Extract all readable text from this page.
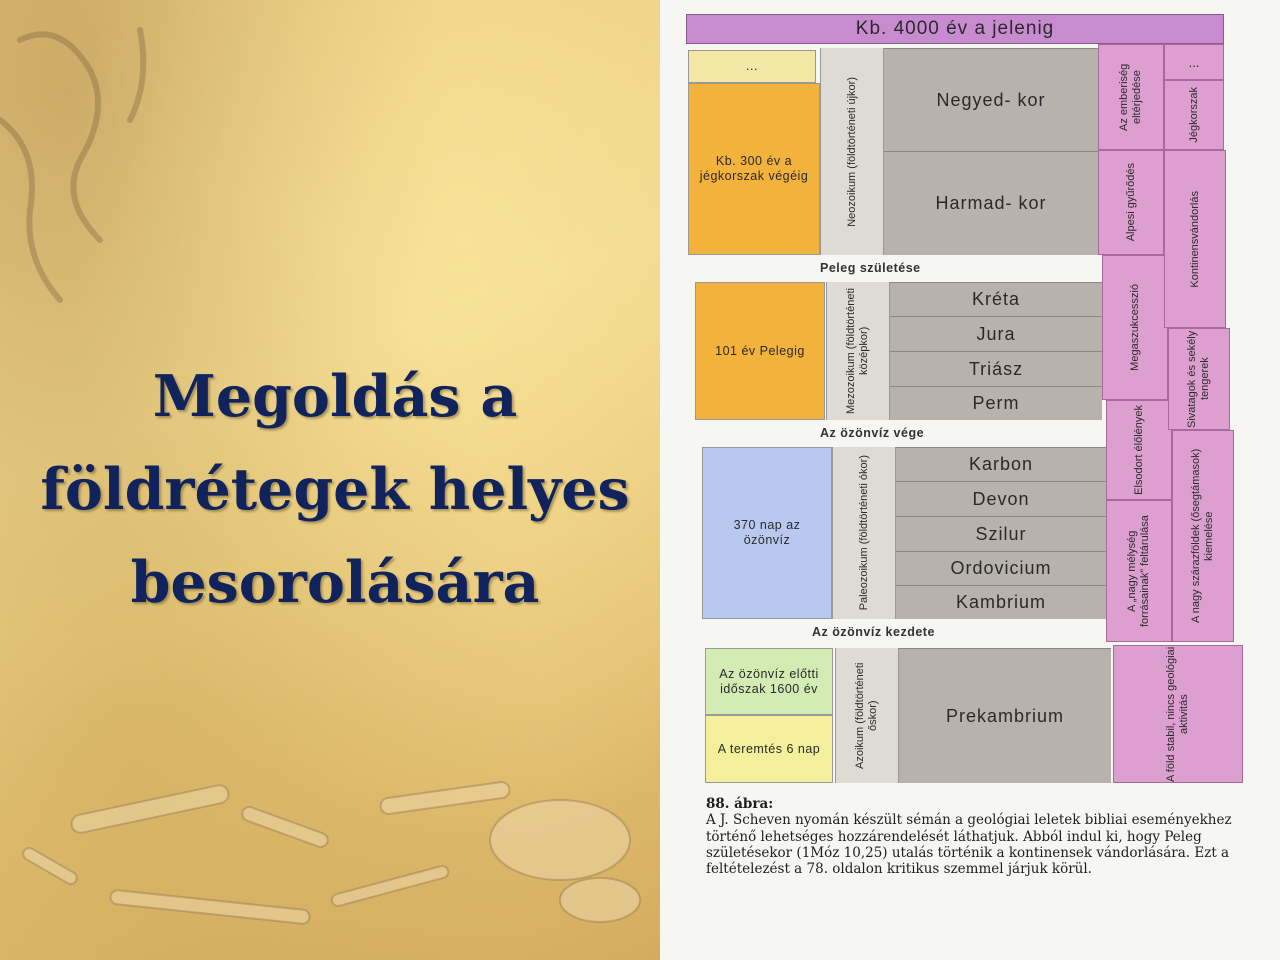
Megoldás a
földrétegek helyes
besorolására
Kb. 4000 év a jelenig
...
Kb. 300 év a jégkorszak végéig
101 év Pelegig
370 nap az özönvíz
Az özönvíz előtti időszak 1600 év
A teremtés 6 nap
Neozoikum (földtörténeti újkor)
Mezozoikum (földtörténeti középkor)
Paleozoikum (földtörténeti ókor)
Azoikum (földtörténeti őskor)
Negyed- kor
Harmad- kor
Kréta
Jura
Triász
Perm
Karbon
Devon
Szilur
Ordovicium
Kambrium
Prekambrium
Peleg születése
Az özönvíz vége
Az özönvíz kezdete
Az emberiség eltérjedése
Alpesi gyűrődés
Megaszukcesszió
Elsodort élőlények
A „nagy mélység forrásainak” feltárulása
...
Jégkorszak
Kontinensvándorlás
Sivatagok és sekély tengerek
A nagy szárazföldek (ősegtámasok) kiemelése
A föld stabil, nincs geológiai aktivitás
88. ábra:
A J. Scheven nyomán készült sémán a geológiai leletek bibliai eseményekhez történő lehetséges hozzárendelését láthatjuk. Abból indul ki, hogy Peleg születésekor (1Móz 10,25) utalás történik a kontinensek vándorlására. Ezt a feltételezést a 78. oldalon kritikus szemmel járjuk körül.
